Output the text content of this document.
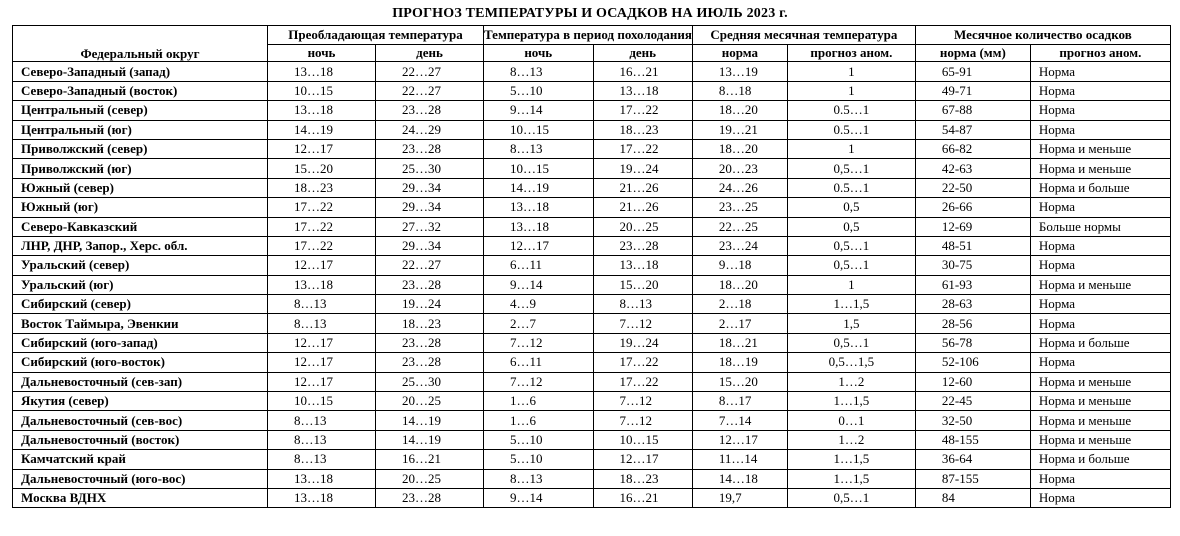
ПРОГНОЗ ТЕМПЕРАТУРЫ И ОСАДКОВ НА ИЮЛЬ 2023 г.
Федеральный округ	Преобладающая температура		Температура в период похолодания		Средняя месячная температура		Месячное количество осадков	
	ночь	день	ночь	день	норма	прогноз аном.	норма (мм)	прогноз аном.
Северо-Западный (запад)	13…18	22…27	8…13	16…21	13…19	1	65-91	Норма
Северо-Западный (восток)	10…15	22…27	5…10	13…18	8…18	1	49-71	Норма
Центральный (север)	13…18	23…28	9…14	17…22	18…20	0.5…1	67-88	Норма
Центральный (юг)	14…19	24…29	10…15	18…23	19…21	0.5…1	54-87	Норма
Приволжский (север)	12…17	23…28	8…13	17…22	18…20	1	66-82	Норма и меньше
Приволжский (юг)	15…20	25…30	10…15	19…24	20…23	0,5…1	42-63	Норма и меньше
Южный (север)	18…23	29…34	14…19	21…26	24…26	0.5…1	22-50	Норма и больше
Южный (юг)	17…22	29…34	13…18	21…26	23…25	0,5	26-66	Норма
Северо-Кавказский	17…22	27…32	13…18	20…25	22…25	0,5	12-69	Больше нормы
ЛНР, ДНР, Запор., Херс. обл.	17…22	29…34	12…17	23…28	23…24	0,5…1	48-51	Норма
Уральский (север)	12…17	22…27	6…11	13…18	9…18	0,5…1	30-75	Норма
Уральский (юг)	13…18	23…28	9…14	15…20	18…20	1	61-93	Норма и меньше
Сибирский (север)	8…13	19…24	4…9	8…13	2…18	1…1,5	28-63	Норма
Восток Таймыра, Эвенкии	8…13	18…23	2…7	7…12	2…17	1,5	28-56	Норма
Сибирский (юго-запад)	12…17	23…28	7…12	19…24	18…21	0,5…1	56-78	Норма и больше
Сибирский (юго-восток)	12…17	23…28	6…11	17…22	18…19	0,5…1,5	52-106	Норма
Дальневосточный (сев-зап)	12…17	25…30	7…12	17…22	15…20	1…2	12-60	Норма и меньше
Якутия (север)	10…15	20…25	1…6	7…12	8…17	1…1,5	22-45	Норма и меньше
Дальневосточный (сев-вос)	8…13	14…19	1…6	7…12	7…14	0…1	32-50	Норма и меньше
Дальневосточный (восток)	8…13	14…19	5…10	10…15	12…17	1…2	48-155	Норма и меньше
Камчатский край	8…13	16…21	5…10	12…17	11…14	1…1,5	36-64	Норма и больше
Дальневосточный (юго-вос)	13…18	20…25	8…13	18…23	14…18	1…1,5	87-155	Норма
Москва ВДНХ	13…18	23…28	9…14	16…21	19,7	0,5…1	84	Норма
